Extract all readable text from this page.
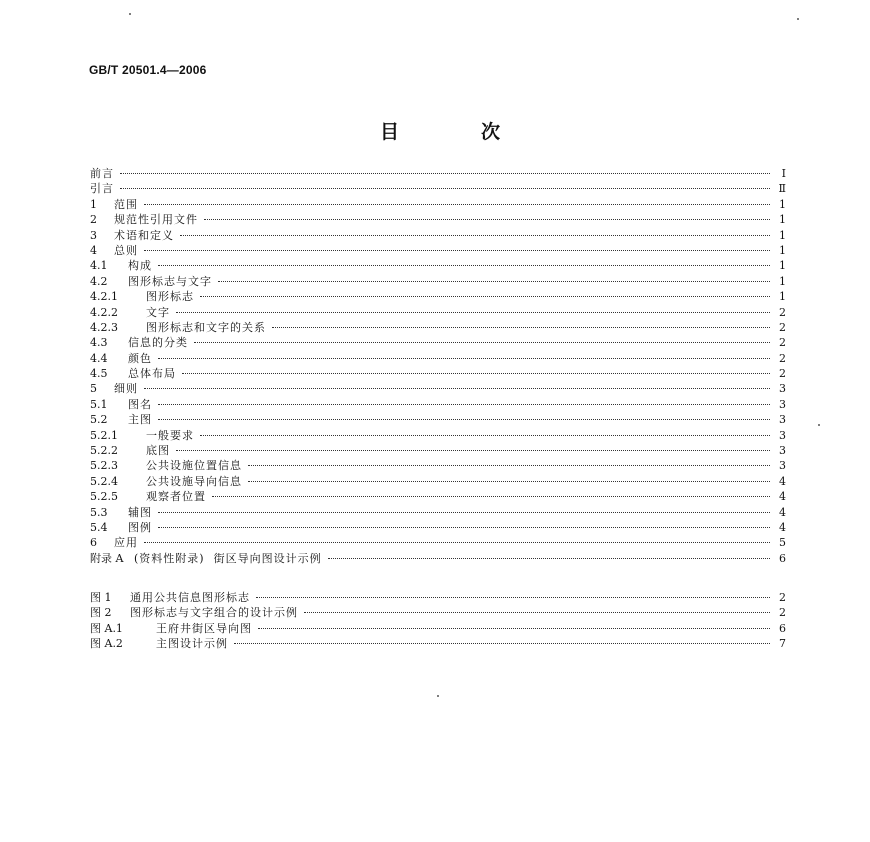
GB/T 20501.4—2006
目	次
前言	Ⅰ
引言	Ⅱ
1	范围	1
2	规范性引用文件	1
3	术语和定义	1
4	总则	1
4.1	构成	1
4.2	图形标志与文字	1
4.2.1	图形标志	1
4.2.2	文字	2
4.2.3	图形标志和文字的关系	2
4.3	信息的分类	2
4.4	颜色	2
4.5	总体布局	2
5	细则	3
5.1	图名	3
5.2	主图	3
5.2.1	一般要求	3
5.2.2	底图	3
5.2.3	公共设施位置信息	3
5.2.4	公共设施导向信息	4
5.2.5	观察者位置	4
5.3	辅图	4
5.4	图例	4
6	应用	5
附录 A (资料性附录)  街区导向图设计示例	6
图 1	通用公共信息图形标志	2
图 2	图形标志与文字组合的设计示例	2
图 A.1	王府井街区导向图	6
图 A.2	主图设计示例	7
